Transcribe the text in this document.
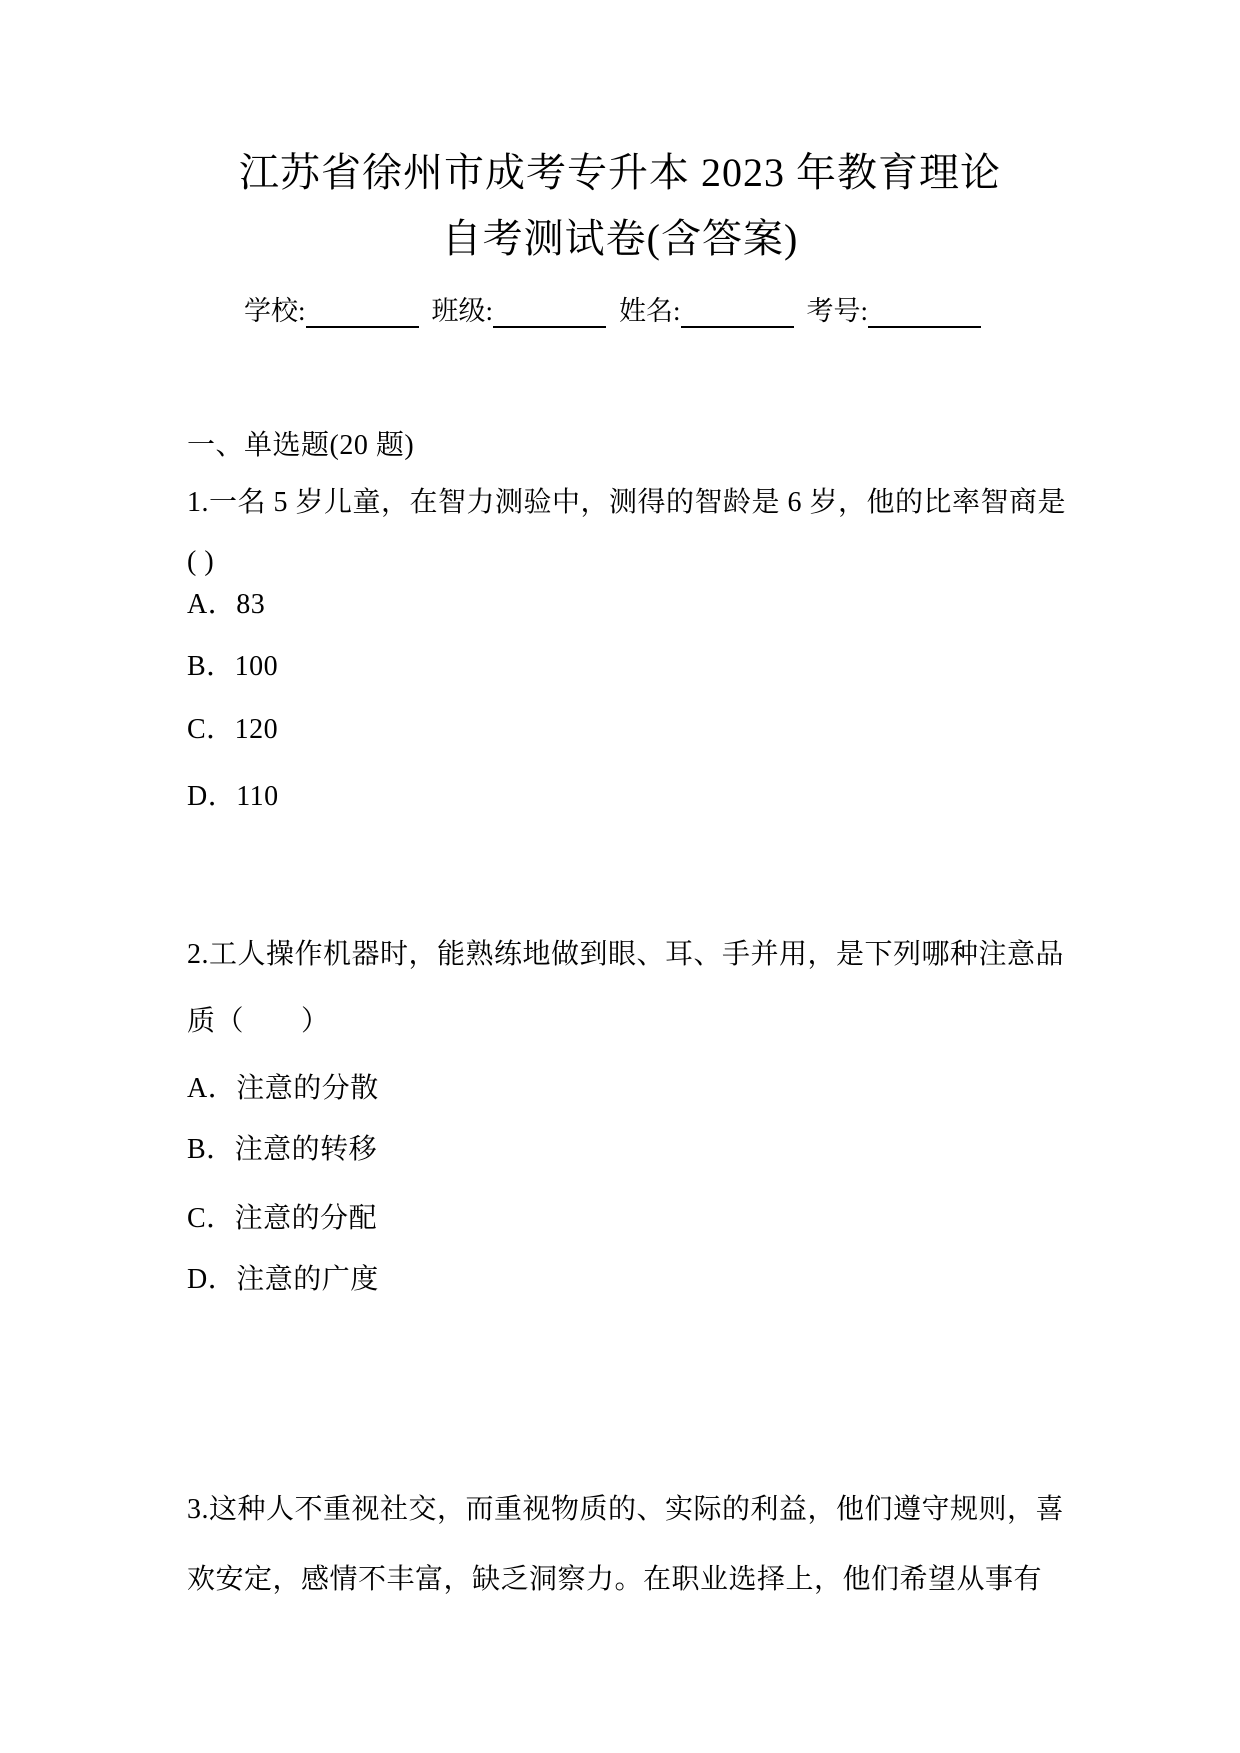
江苏省徐州市成考专升本 2023 年教育理论
自考测试卷(含答案)
学校:	班级:	姓名:	考号:
一、单选题(20 题)
1.一名 5 岁儿童，在智力测验中，测得的智龄是 6 岁，他的比率智商是
( )
A．83
B．100
C．120
D．110
2.工人操作机器时，能熟练地做到眼、耳、手并用，是下列哪种注意品
质（　　）
A．注意的分散
B．注意的转移
C．注意的分配
D．注意的广度
3.这种人不重视社交，而重视物质的、实际的利益，他们遵守规则，喜
欢安定，感情不丰富，缺乏洞察力。在职业选择上，他们希望从事有
